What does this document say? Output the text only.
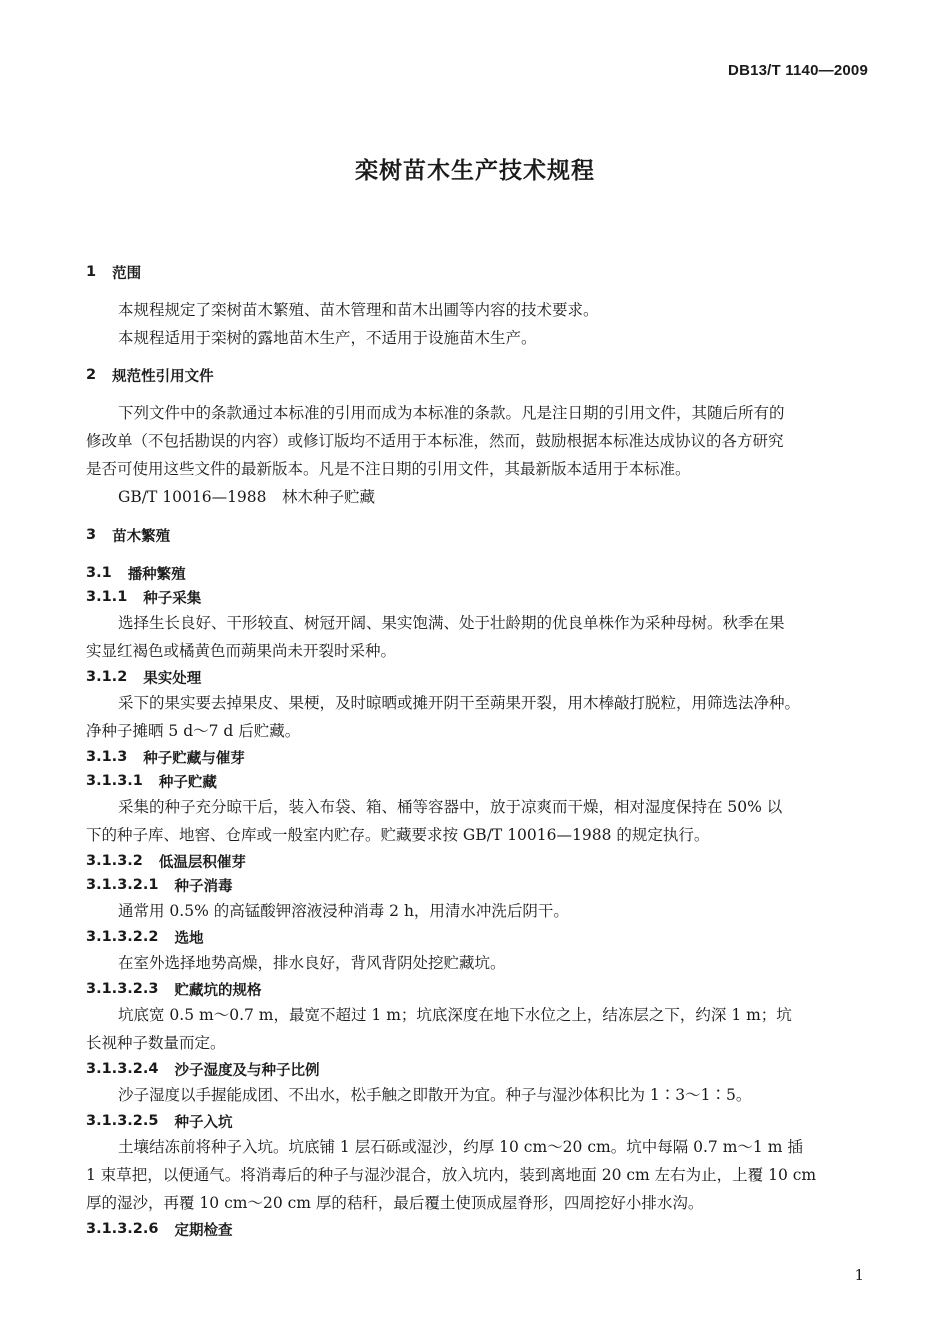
DB13/T 1140—2009
栾树苗木生产技术规程
1 范围
本规程规定了栾树苗木繁殖、苗木管理和苗木出圃等内容的技术要求。
本规程适用于栾树的露地苗木生产，不适用于设施苗木生产。
2 规范性引用文件
下列文件中的条款通过本标准的引用而成为本标准的条款。凡是注日期的引用文件，其随后所有的
修改单（不包括勘误的内容）或修订版均不适用于本标准，然而，鼓励根据本标准达成协议的各方研究
是否可使用这些文件的最新版本。凡是不注日期的引用文件，其最新版本适用于本标准。
GB/T 10016—1988　林木种子贮藏
3 苗木繁殖
3.1 播种繁殖
3.1.1 种子采集
选择生长良好、干形较直、树冠开阔、果实饱满、处于壮龄期的优良单株作为采种母树。秋季在果
实显红褐色或橘黄色而蒴果尚未开裂时采种。
3.1.2 果实处理
采下的果实要去掉果皮、果梗，及时晾晒或摊开阴干至蒴果开裂，用木棒敲打脱粒，用筛选法净种。
净种子摊晒 5 d～7 d 后贮藏。
3.1.3 种子贮藏与催芽
3.1.3.1 种子贮藏
采集的种子充分晾干后，装入布袋、箱、桶等容器中，放于凉爽而干燥，相对湿度保持在 50% 以
下的种子库、地窖、仓库或一般室内贮存。贮藏要求按 GB/T 10016—1988 的规定执行。
3.1.3.2 低温层积催芽
3.1.3.2.1 种子消毒
通常用 0.5% 的高锰酸钾溶液浸种消毒 2 h，用清水冲洗后阴干。
3.1.3.2.2 选地
在室外选择地势高燥，排水良好，背风背阴处挖贮藏坑。
3.1.3.2.3 贮藏坑的规格
坑底宽 0.5 m～0.7 m，最宽不超过 1 m；坑底深度在地下水位之上，结冻层之下，约深 1 m；坑
长视种子数量而定。
3.1.3.2.4 沙子湿度及与种子比例
沙子湿度以手握能成团、不出水，松手触之即散开为宜。种子与湿沙体积比为 1∶3～1∶5。
3.1.3.2.5 种子入坑
土壤结冻前将种子入坑。坑底铺 1 层石砾或湿沙，约厚 10 cm～20 cm。坑中每隔 0.7 m～1 m 插
1 束草把，以便通气。将消毒后的种子与湿沙混合，放入坑内，装到离地面 20 cm 左右为止，上覆 10 cm
厚的湿沙，再覆 10 cm～20 cm 厚的秸秆，最后覆土使顶成屋脊形，四周挖好小排水沟。
3.1.3.2.6 定期检查
1
